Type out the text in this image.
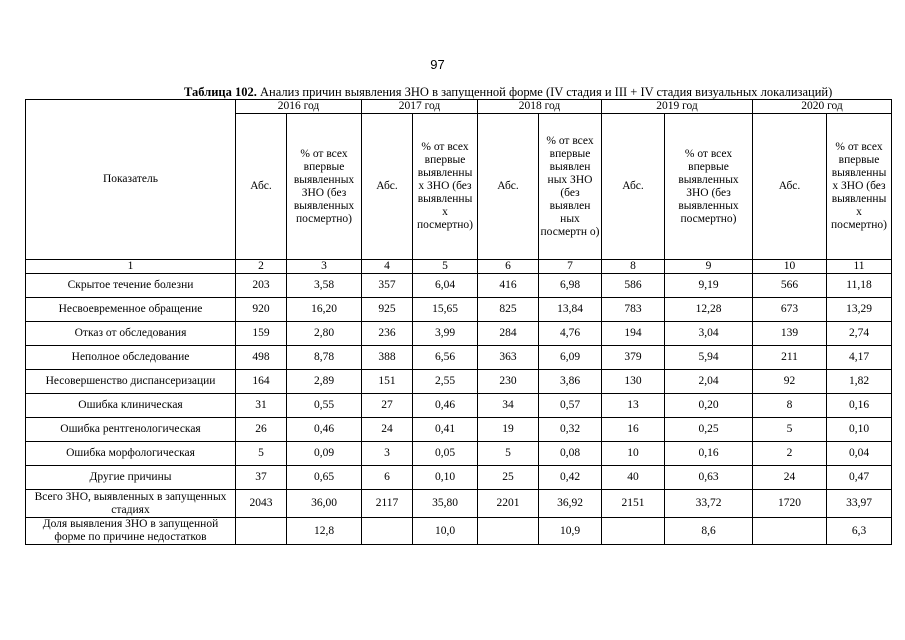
97
Таблица 102. Анализ причин выявления ЗНО в запущенной форме (IV стадия и III + IV стадия визуальных локализаций)
Показатель	2016 год		2017 год		2018 год		2019 год		2020 год	
	Абс.	% от всех впервые выявленных ЗНО (без выявленных посмертно)	Абс.	% от всех впервые выявленны х ЗНО (без выявленны х посмертно)	Абс.	% от всех впервые выявлен ных ЗНО (без выявлен ных посмертн о)	Абс.	% от всех впервые выявленных ЗНО (без выявленных посмертно)	Абс.	% от всех впервые выявленны х ЗНО (без выявленны х посмертно)
1	2	3	4	5	6	7	8	9	10	11
Скрытое течение болезни	203	3,58	357	6,04	416	6,98	586	9,19	566	11,18
Несвоевременное обращение	920	16,20	925	15,65	825	13,84	783	12,28	673	13,29
Отказ от обследования	159	2,80	236	3,99	284	4,76	194	3,04	139	2,74
Неполное обследование	498	8,78	388	6,56	363	6,09	379	5,94	211	4,17
Несовершенство диспансеризации	164	2,89	151	2,55	230	3,86	130	2,04	92	1,82
Ошибка клиническая	31	0,55	27	0,46	34	0,57	13	0,20	8	0,16
Ошибка рентгенологическая	26	0,46	24	0,41	19	0,32	16	0,25	5	0,10
Ошибка морфологическая	5	0,09	3	0,05	5	0,08	10	0,16	2	0,04
Другие причины	37	0,65	6	0,10	25	0,42	40	0,63	24	0,47
Всего ЗНО, выявленных в запущенных стадиях	2043	36,00	2117	35,80	2201	36,92	2151	33,72	1720	33,97
Доля выявления ЗНО в запущенной форме по причине недостатков		12,8		10,0		10,9		8,6		6,3
